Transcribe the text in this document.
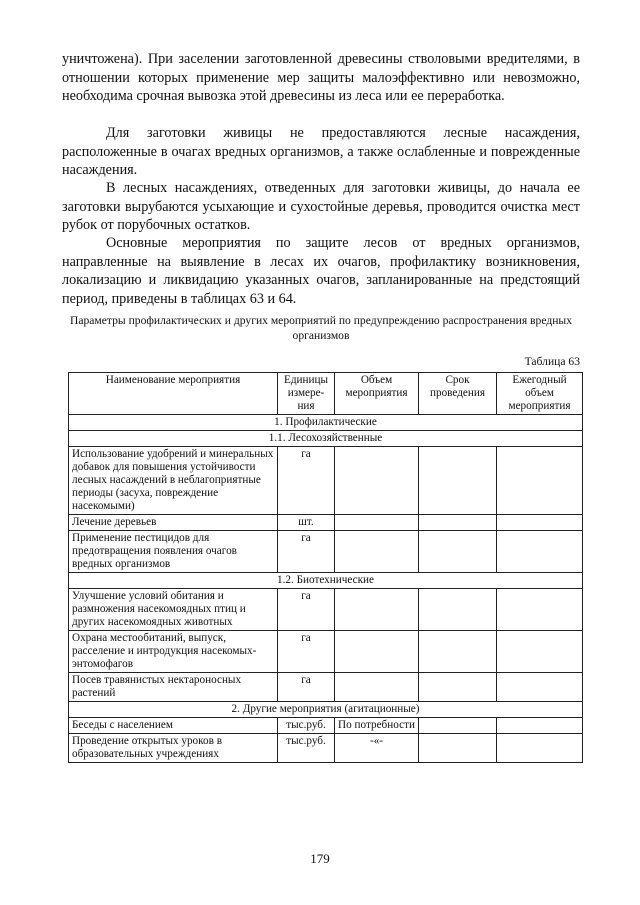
уничтожена). При заселении заготовленной древесины стволовыми вредителями, в отношении которых применение мер защиты малоэффективно или невозможно, необходима срочная вывозка этой древесины из леса или ее переработка.

Для заготовки живицы не предоставляются лесные насаждения, расположенные в очагах вредных организмов, а также ослабленные и поврежденные насаждения.

В лесных насаждениях, отведенных для заготовки живицы, до начала ее заготовки вырубаются усыхающие и сухостойные деревья, проводится очистка мест рубок от порубочных остатков.

Основные мероприятия по защите лесов от вредных организмов, направленные на выявление в лесах их очагов, профилактику возникновения, локализацию и ликвидацию указанных очагов, запланированные на предстоящий период, приведены в таблицах 63 и 64.

Параметры профилактических и других мероприятий по предупреждению распространения вредных организмов
Таблица 63
Наименование мероприятия	Единицы измере-ния	Объем мероприятия	Срок проведения	Ежегодный объем мероприятия
1. Профилактические				
1.1. Лесохозяйственные				
Использование удобрений и минеральных добавок для повышения устойчивости лесных насаждений в неблагоприятные периоды (засуха, повреждение насекомыми)	га			
Лечение деревьев	шт.			
Применение пестицидов для предотвращения появления очагов вредных организмов	га			
1.2. Биотехнические				
Улучшение условий обитания и размножения насекомоядных птиц и других насекомоядных животных	га			
Охрана местообитаний, выпуск, расселение и интродукция насекомых-энтомофагов	га			
Посев травянистых нектароносных растений	га			
2. Другие мероприятия (агитационные)				
Беседы с населением	тыс.руб.	По потребности		
Проведение открытых уроков в образовательных учреждениях	тыс.руб.	-«-		
179
